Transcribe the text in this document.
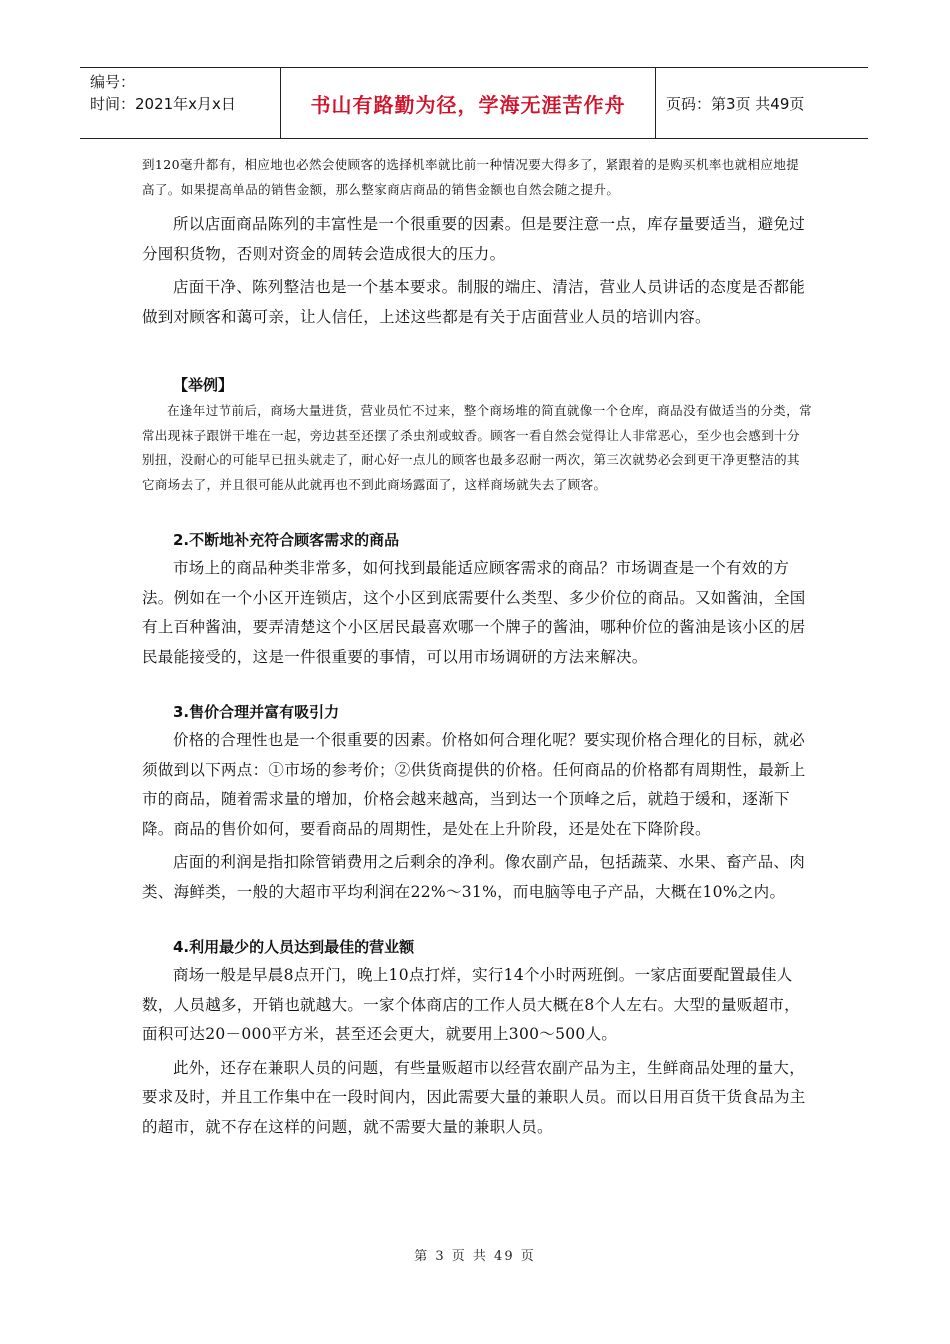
编号：
时间：2021年x月x日	书山有路勤为径，学海无涯苦作舟	页码：第3页 共49页

到120毫升都有，相应地也必然会使顾客的选择机率就比前一种情况要大得多了，紧跟着的是购买机率也就相应地提高了。如果提高单品的销售金额，那么整家商店商品的销售金额也自然会随之提升。

所以店面商品陈列的丰富性是一个很重要的因素。但是要注意一点，库存量要适当，避免过分囤积货物，否则对资金的周转会造成很大的压力。

店面干净、陈列整洁也是一个基本要求。制服的端庄、清洁，营业人员讲话的态度是否都能做到对顾客和蔼可亲，让人信任，上述这些都是有关于店面营业人员的培训内容。

【举例】

在逢年过节前后，商场大量进货，营业员忙不过来，整个商场堆的简直就像一个仓库，商品没有做适当的分类，常常出现袜子跟饼干堆在一起，旁边甚至还摆了杀虫剂或蚊香。顾客一看自然会觉得让人非常恶心，至少也会感到十分别扭，没耐心的可能早已扭头就走了，耐心好一点儿的顾客也最多忍耐一两次，第三次就势必会到更干净更整洁的其它商场去了，并且很可能从此就再也不到此商场露面了，这样商场就失去了顾客。

2.不断地补充符合顾客需求的商品

市场上的商品种类非常多，如何找到最能适应顾客需求的商品？市场调查是一个有效的方法。例如在一个小区开连锁店，这个小区到底需要什么类型、多少价位的商品。又如酱油，全国有上百种酱油，要弄清楚这个小区居民最喜欢哪一个牌子的酱油，哪种价位的酱油是该小区的居民最能接受的，这是一件很重要的事情，可以用市场调研的方法来解决。

3.售价合理并富有吸引力

价格的合理性也是一个很重要的因素。价格如何合理化呢？要实现价格合理化的目标，就必须做到以下两点：①市场的参考价；②供货商提供的价格。任何商品的价格都有周期性，最新上市的商品，随着需求量的增加，价格会越来越高，当到达一个顶峰之后，就趋于缓和，逐渐下降。商品的售价如何，要看商品的周期性，是处在上升阶段，还是处在下降阶段。

店面的利润是指扣除管销费用之后剩余的净利。像农副产品，包括蔬菜、水果、畜产品、肉类、海鲜类，一般的大超市平均利润在22%～31%，而电脑等电子产品，大概在10%之内。

4.利用最少的人员达到最佳的营业额

商场一般是早晨8点开门，晚上10点打烊，实行14个小时两班倒。一家店面要配置最佳人数，人员越多，开销也就越大。一家个体商店的工作人员大概在8个人左右。大型的量贩超市，面积可达20－000平方米，甚至还会更大，就要用上300～500人。

此外，还存在兼职人员的问题，有些量贩超市以经营农副产品为主，生鲜商品处理的量大，要求及时，并且工作集中在一段时间内，因此需要大量的兼职人员。而以日用百货干货食品为主的超市，就不存在这样的问题，就不需要大量的兼职人员。

第 3 页 共 49 页
